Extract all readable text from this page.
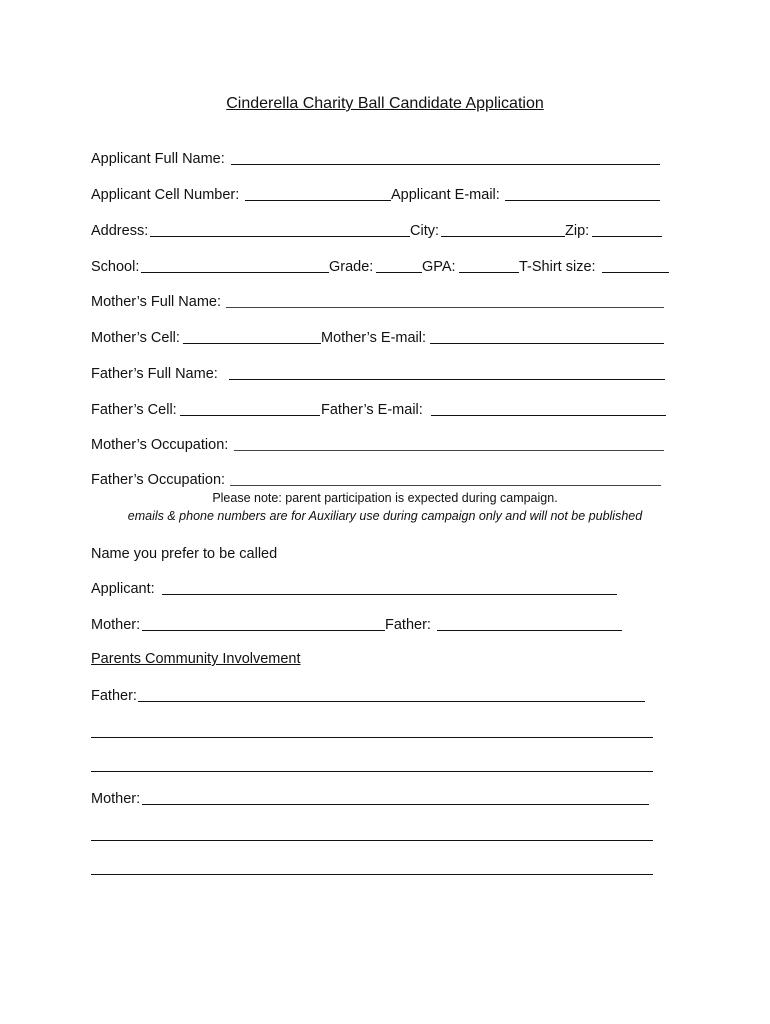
Cinderella Charity Ball Candidate Application
Applicant Full Name:
Applicant Cell Number:	Applicant E-mail:
Address:	City:	Zip:
School:	Grade:	GPA:	T-Shirt size:
Mother’s Full Name:
Mother’s Cell:	Mother’s E-mail:
Father’s Full Name:
Father’s Cell:	Father’s E-mail:
Mother’s Occupation:
Father’s Occupation:
Please note: parent participation is expected during campaign.
emails & phone numbers are for Auxiliary use during campaign only and will not be published
Name you prefer to be called
Applicant:
Mother:	Father:
Parents Community Involvement
Father:
Mother:
